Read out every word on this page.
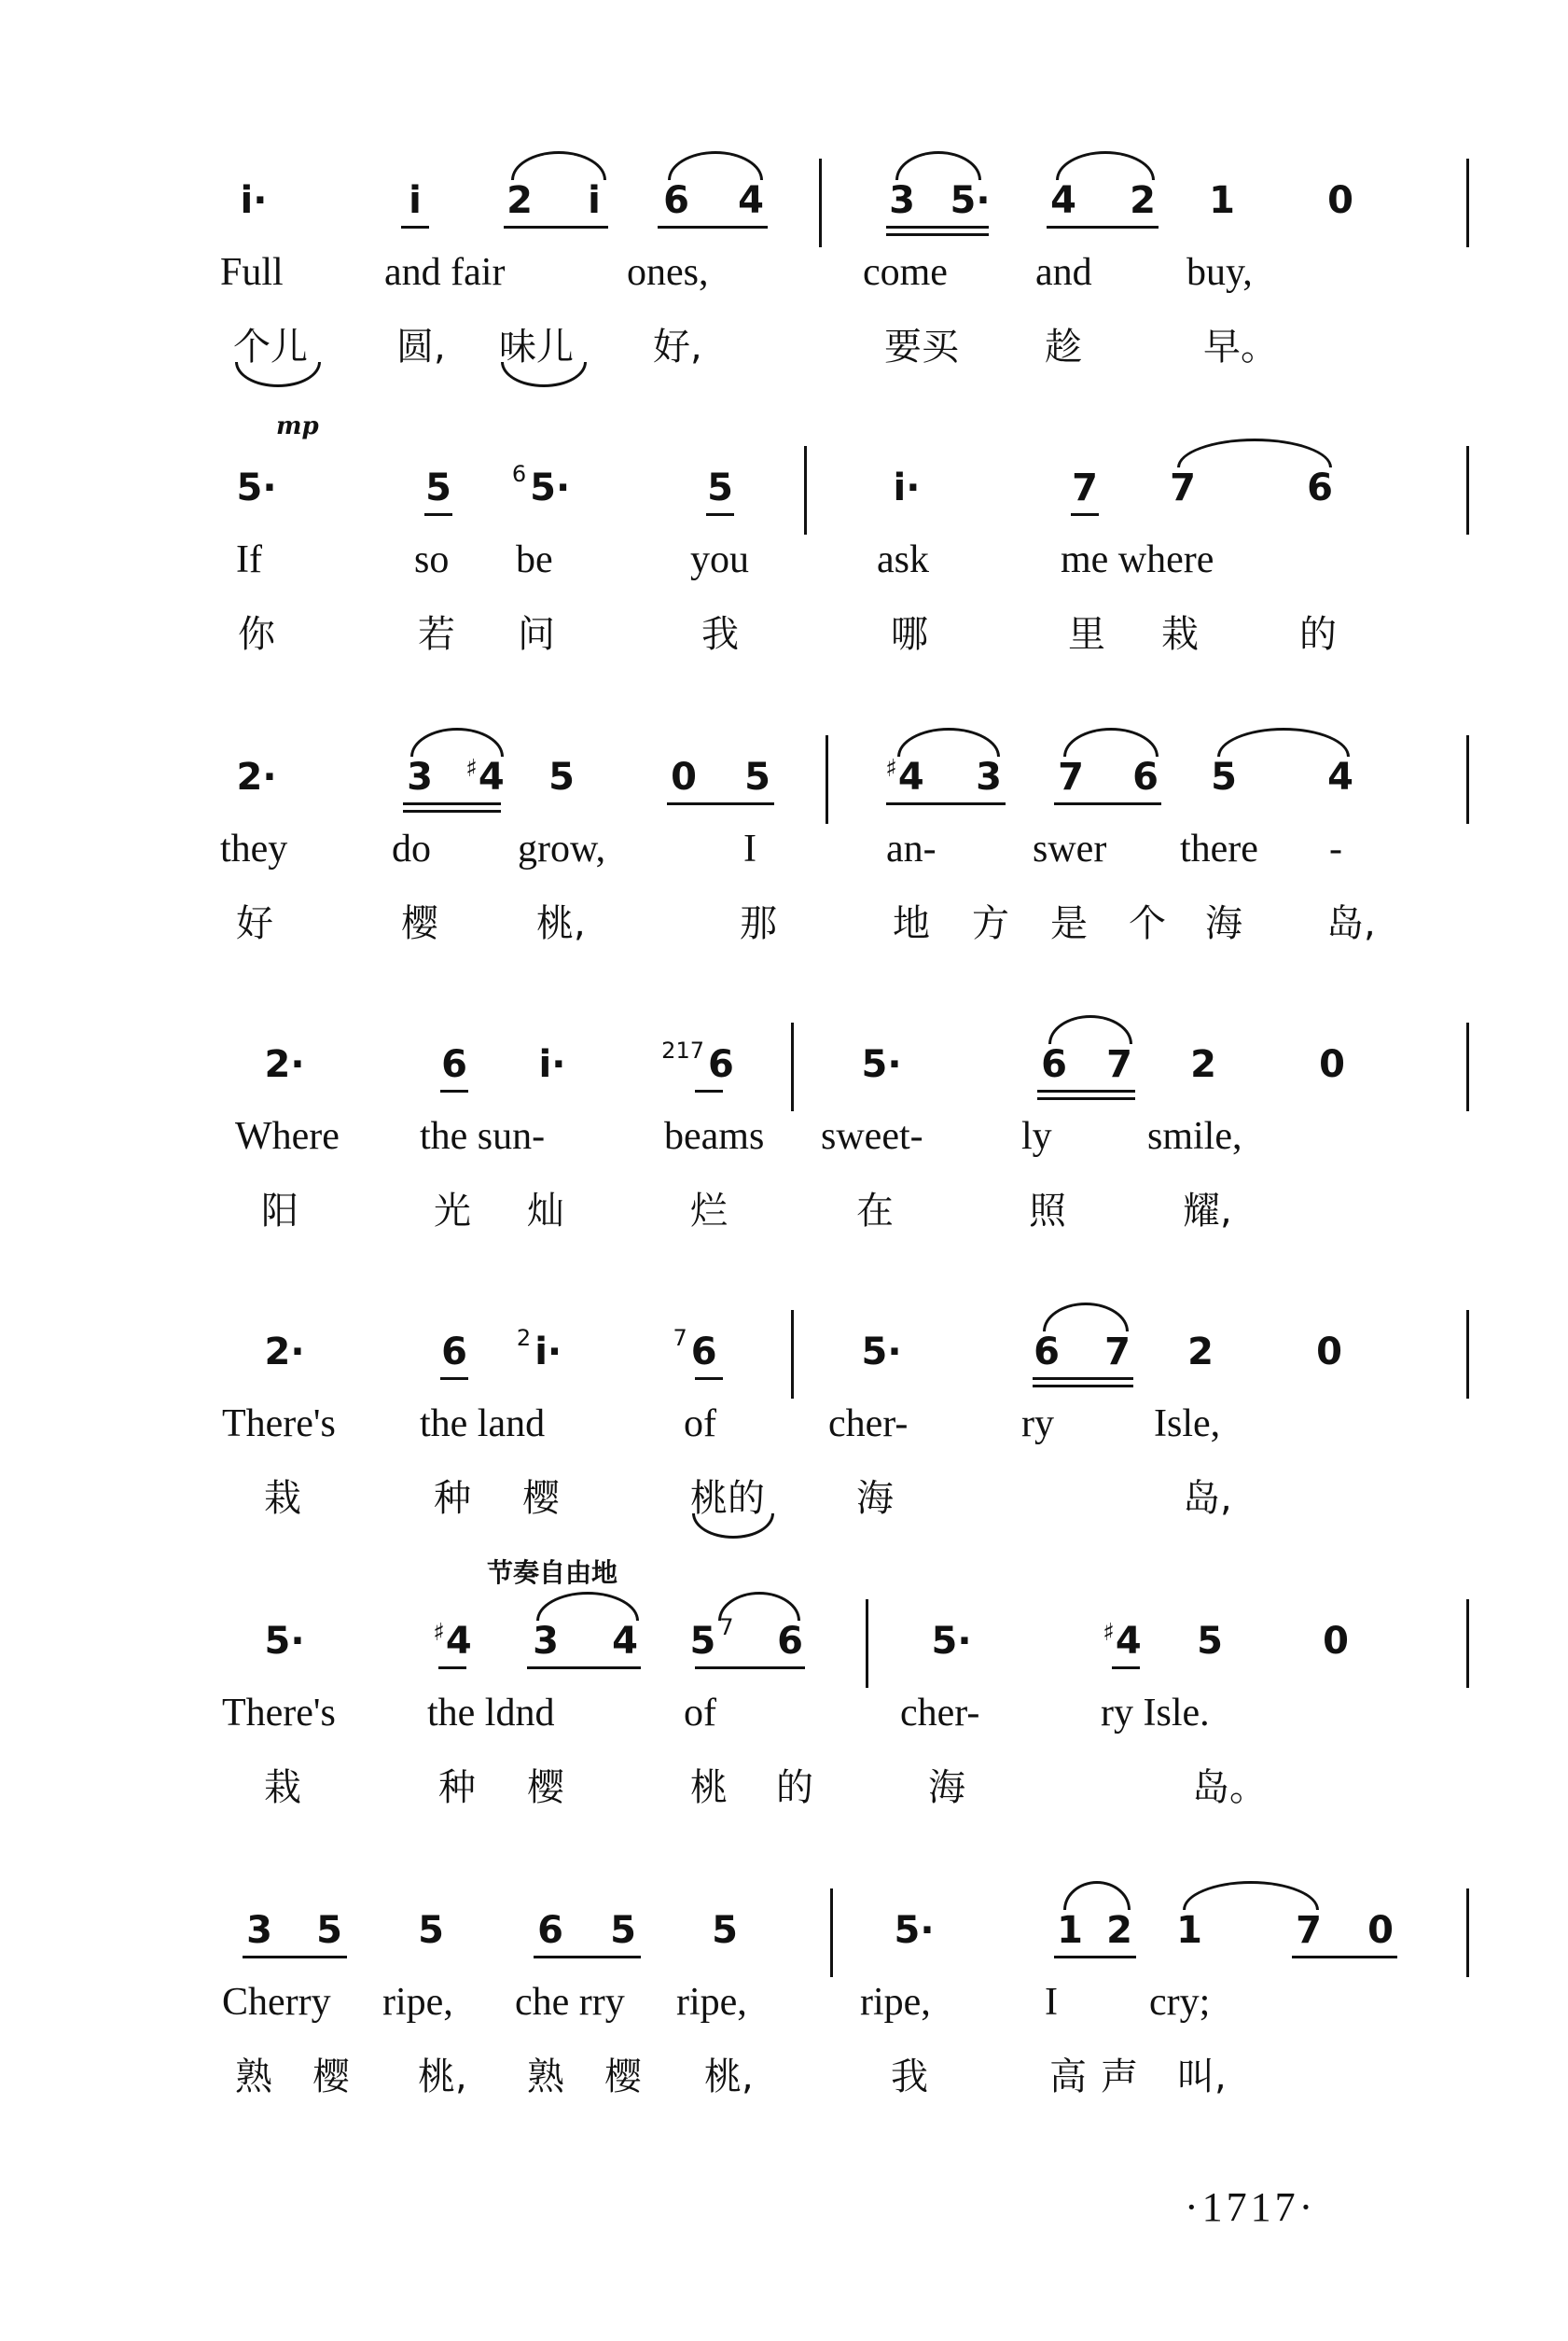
i·	i	2	i	6	4	3 5·	4	2	1	0
Full	and fair	ones,	come and buy,
个儿 圆, 味儿 好,	要买 趁	早。
mp
5·	5	$^6$ 5·	5	i·	7	7	6
If	so be	you	ask	me where
你	若 问	我	哪	里 栽	的
2·	3	♯4	5	0	5	♯4	3	7	6	5	4
they	do grow,	I	an- swer there -
好	樱	桃,	那	地 方 是 个 海 岛,
2·	6	i·	$^{217}$ 6	5·	6	7	2	0
Where the sun-	beams sweet-	ly smile,
阳	光 灿	烂	在	照	耀,
2·	6	$^2$ i·	$^7$ 6	5·	6	7	2	0
There's the land	of	cher-	ry	Isle,
栽	种 樱	桃的 海	岛,
节奏自由地
5·	♯4	3	4	5 $^7$	6	5·	♯4	5	0
There's the ldnd	of	cher-	ry Isle.
栽	种 樱	桃 的	海	岛。
3	5	5	6	5	5	5·	1 2	1	7	0
Cherry ripe, che rry ripe,	ripe,	I cry;
熟 樱 桃, 熟 樱 桃,	我	高 声 叫,
·1717·
